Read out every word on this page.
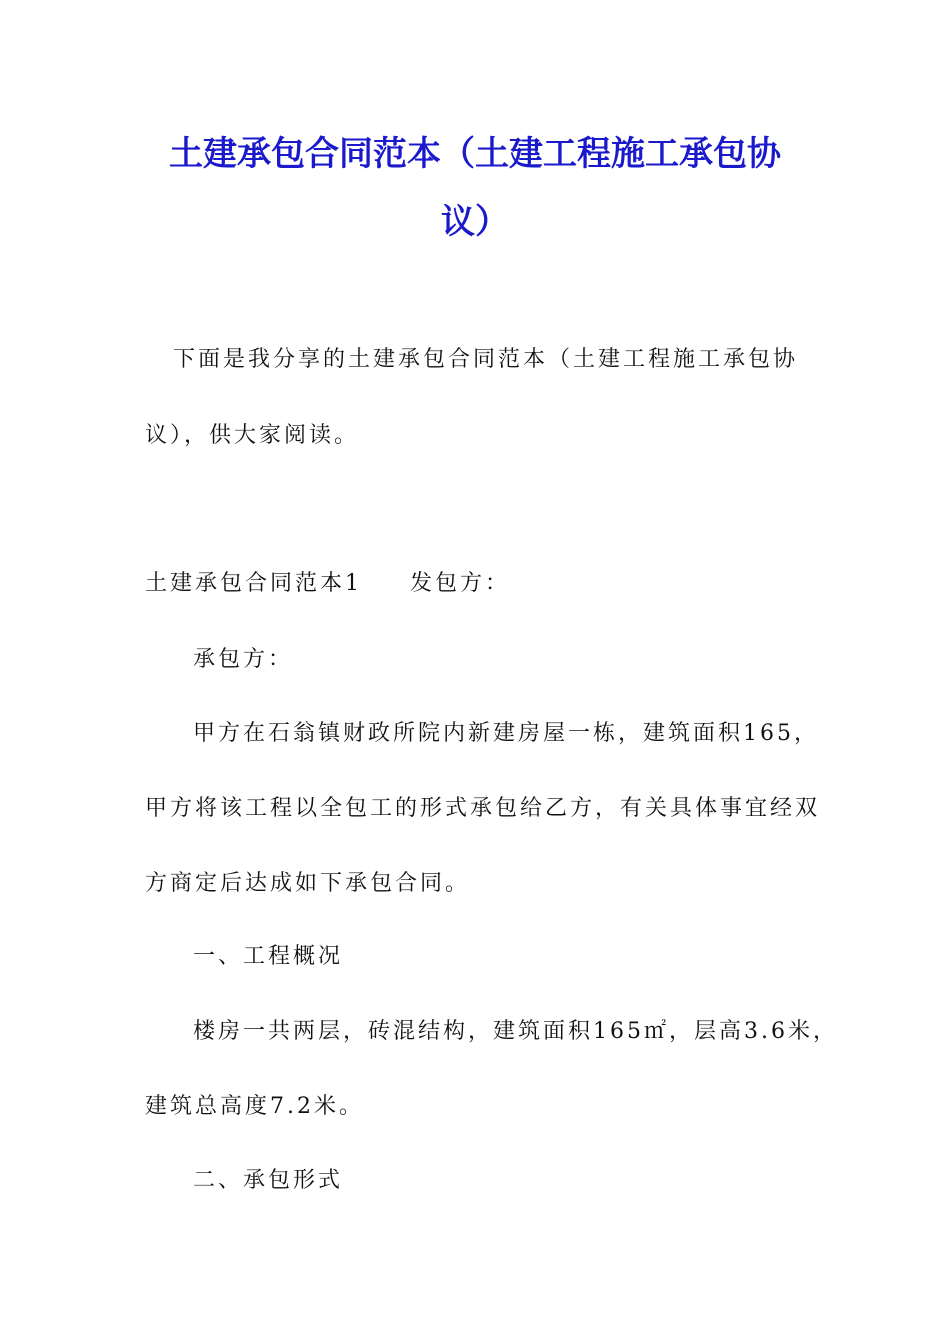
土建承包合同范本（土建工程施工承包协
议）
下面是我分享的土建承包合同范本（土建工程施工承包协
议），供大家阅读。
土建承包合同范本1 发包方：
承包方：
甲方在石翁镇财政所院内新建房屋一栋，建筑面积165，
甲方将该工程以全包工的形式承包给乙方，有关具体事宜经双
方商定后达成如下承包合同。
一、工程概况
楼房一共两层，砖混结构，建筑面积165㎡，层高3.6米，
建筑总高度7.2米。
二、承包形式
